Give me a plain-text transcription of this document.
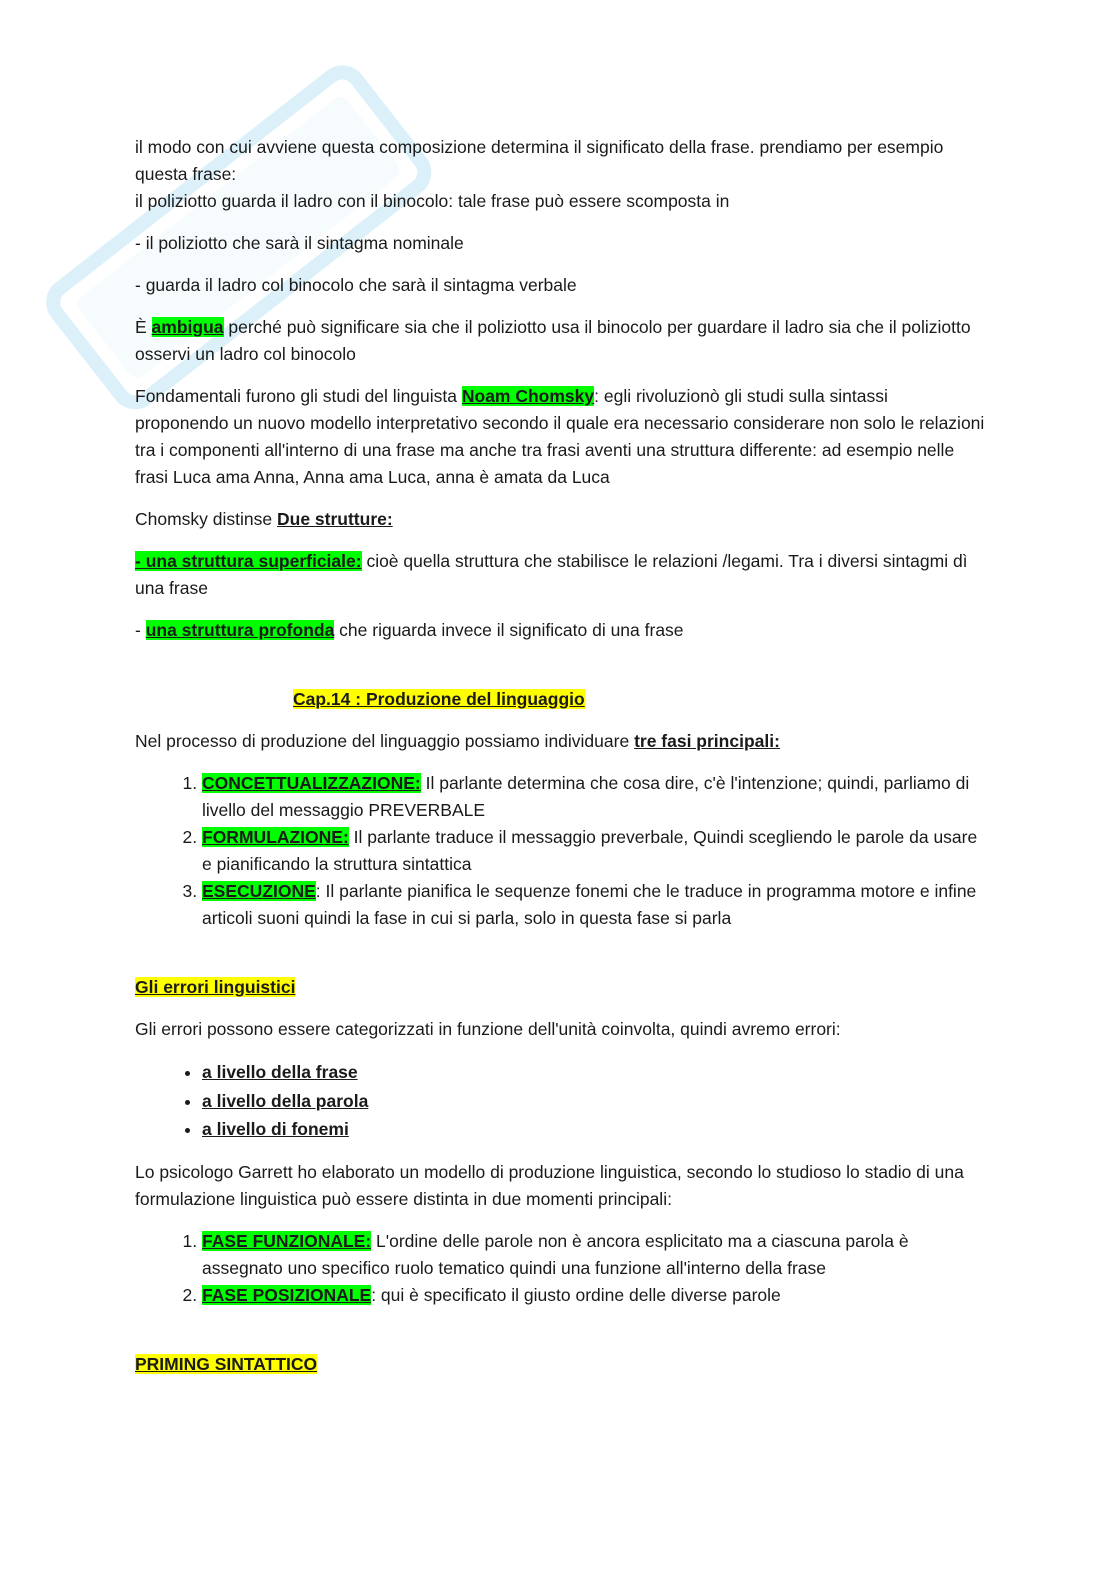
il modo con cui avviene questa composizione determina il significato della frase. prendiamo per esempio questa frase:
il poliziotto guarda il ladro con il binocolo: tale frase può essere scomposta in

- il poliziotto che sarà il sintagma nominale

- guarda il ladro col binocolo che sarà il sintagma verbale

È ambigua perché può significare sia che il poliziotto usa il binocolo per guardare il ladro sia che il poliziotto osservi un ladro col binocolo

Fondamentali furono gli studi del linguista Noam Chomsky: egli rivoluzionò gli studi sulla sintassi proponendo un nuovo modello interpretativo secondo il quale era necessario considerare non solo le relazioni tra i componenti all'interno di una frase ma anche tra frasi aventi una struttura differente: ad esempio nelle frasi Luca ama Anna, Anna ama Luca, anna è amata da Luca

Chomsky distinse Due strutture:

- una struttura superficiale: cioè quella struttura che stabilisce le relazioni /legami. Tra i diversi sintagmi dì una frase

- una struttura profonda che riguarda invece il significato di una frase

Cap.14 : Produzione del linguaggio

Nel processo di produzione del linguaggio possiamo individuare tre fasi principali:

1. CONCETTUALIZZAZIONE: Il parlante determina che cosa dire, c'è l'intenzione; quindi, parliamo di livello del messaggio PREVERBALE
2. FORMULAZIONE: Il parlante traduce il messaggio preverbale, Quindi scegliendo le parole da usare e pianificando la struttura sintattica
3. ESECUZIONE: Il parlante pianifica le sequenze fonemi che le traduce in programma motore e infine articoli suoni quindi la fase in cui si parla, solo in questa fase si parla

Gli errori linguistici

Gli errori possono essere categorizzati in funzione dell'unità coinvolta, quindi avremo errori:

• a livello della frase
• a livello della parola
• a livello di fonemi

Lo psicologo Garrett ho elaborato un modello di produzione linguistica, secondo lo studioso lo stadio di una formulazione linguistica può essere distinta in due momenti principali:

1. FASE FUNZIONALE: L'ordine delle parole non è ancora esplicitato ma a ciascuna parola è assegnato uno specifico ruolo tematico quindi una funzione all'interno della frase
2. FASE POSIZIONALE: qui è specificato il giusto ordine delle diverse parole

PRIMING SINTATTICO
